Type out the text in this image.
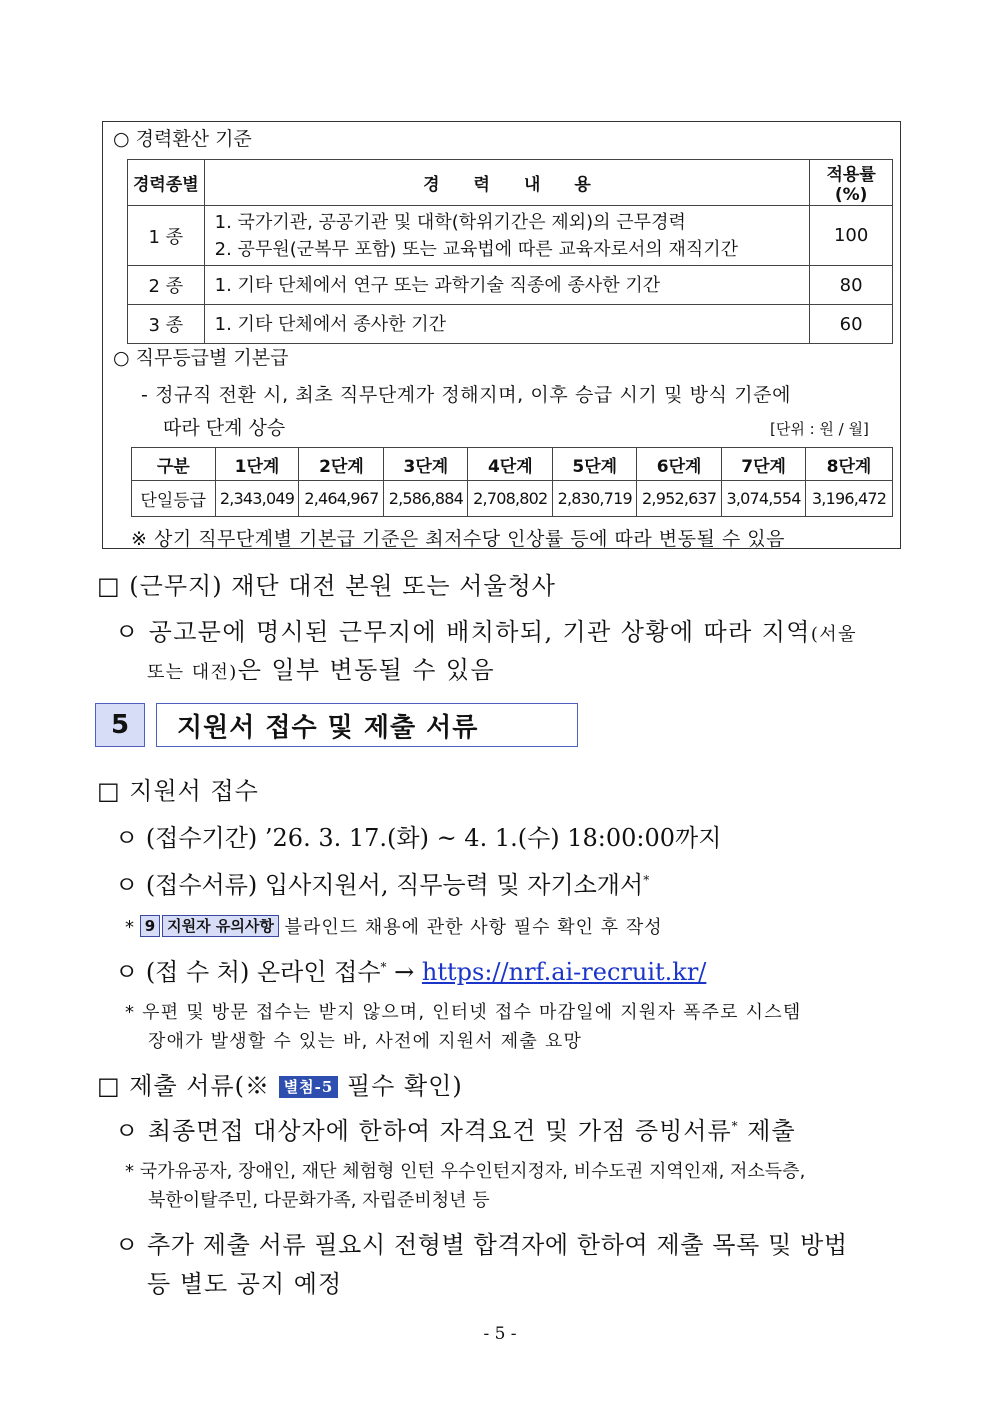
○ 경력환산 기준
경력종별	경　　력　　내　　용	적용률(%)
1 종	1. 국가기관, 공공기관 및 대학(학위기간은 제외)의 근무경력
2. 공무원(군복무 포함) 또는 교육법에 따른 교육자로서의 재직기간	100
2 종	1. 기타 단체에서 연구 또는 과학기술 직종에 종사한 기간	80
3 종	1. 기타 단체에서 종사한 기간	60
○ 직무등급별 기본급
- 정규직 전환 시, 최초 직무단계가 정해지며, 이후 승급 시기 및 방식 기준에
따라 단계 상승	[단위 : 원 / 월]
구분	1단계	2단계	3단계	4단계	5단계	6단계	7단계	8단계
단일등급	2,343,049	2,464,967	2,586,884	2,708,802	2,830,719	2,952,637	3,074,554	3,196,472
※ 상기 직무단계별 기본급 기준은 최저수당 인상률 등에 따라 변동될 수 있음
□ (근무지) 재단 대전 본원 또는 서울청사
ㅇ 공고문에 명시된 근무지에 배치하되, 기관 상황에 따라 지역(서울
또는 대전)은 일부 변동될 수 있음
5	지원서 접수 및 제출 서류
□ 지원서 접수
ㅇ (접수기간) ’26. 3. 17.(화) ~ 4. 1.(수) 18:00:00까지
ㅇ (접수서류) 입사지원서, 직무능력 및 자기소개서*
* 9 지원자 유의사항 블라인드 채용에 관한 사항 필수 확인 후 작성
ㅇ (접 수 처) 온라인 접수* → https://nrf.ai-recruit.kr/
* 우편 및 방문 접수는 받지 않으며, 인터넷 접수 마감일에 지원자 폭주로 시스템
장애가 발생할 수 있는 바, 사전에 지원서 제출 요망
□ 제출 서류(※ 별첨-5 필수 확인)
ㅇ 최종면접 대상자에 한하여 자격요건 및 가점 증빙서류* 제출
* 국가유공자, 장애인, 재단 체험형 인턴 우수인턴지정자, 비수도권 지역인재, 저소득층,
북한이탈주민, 다문화가족, 자립준비청년 등
ㅇ 추가 제출 서류 필요시 전형별 합격자에 한하여 제출 목록 및 방법
등 별도 공지 예정
- 5 -
